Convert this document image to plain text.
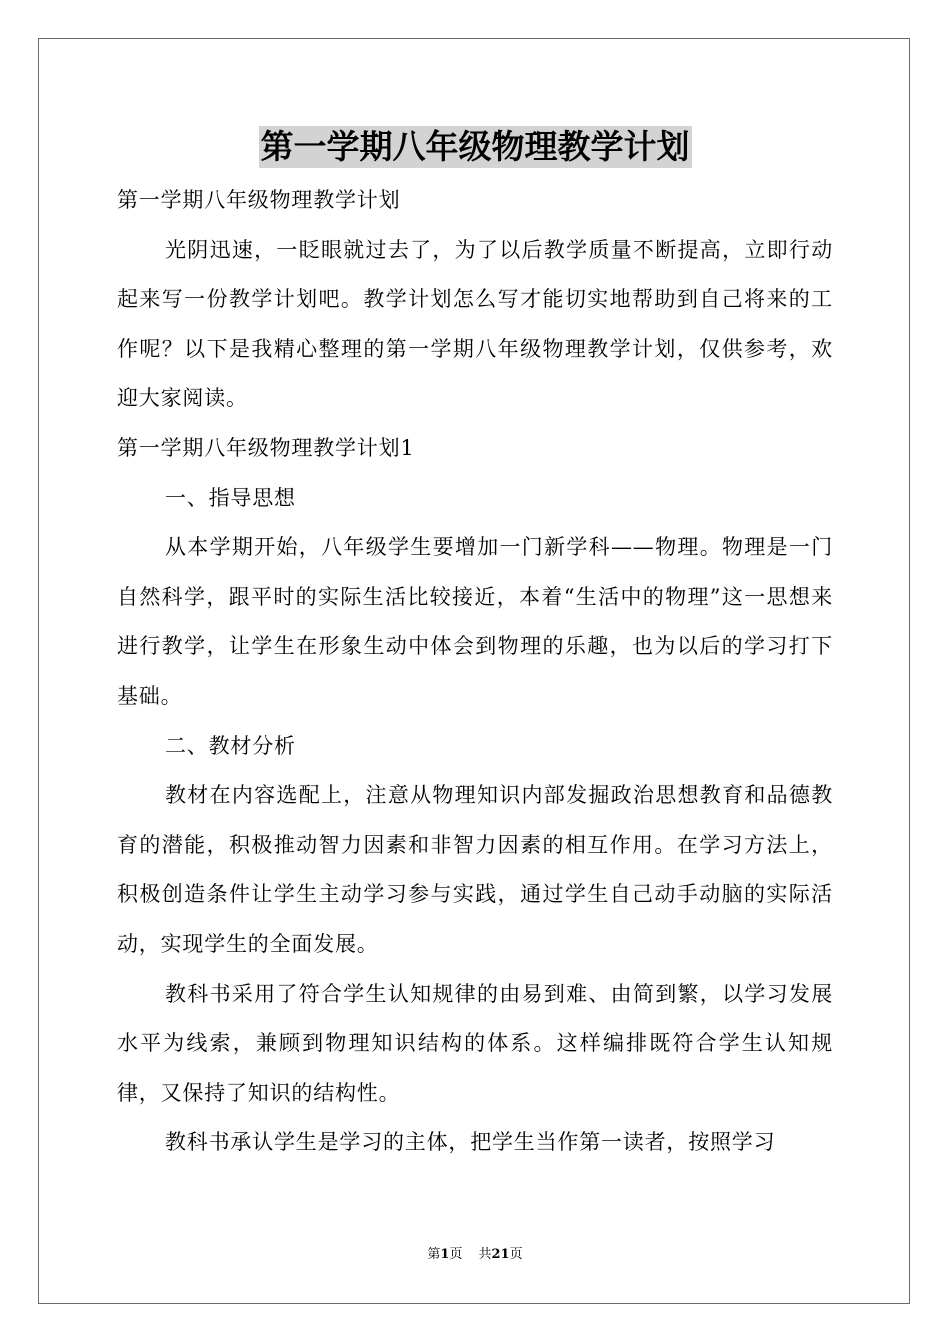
第一学期八年级物理教学计划

第一学期八年级物理教学计划

光阴迅速，一眨眼就过去了，为了以后教学质量不断提高，立即行动起来写一份教学计划吧。教学计划怎么写才能切实地帮助到自己将来的工作呢？以下是我精心整理的第一学期八年级物理教学计划，仅供参考，欢迎大家阅读。

第一学期八年级物理教学计划1

一、指导思想

从本学期开始，八年级学生要增加一门新学科——物理。物理是一门自然科学，跟平时的实际生活比较接近，本着“生活中的物理”这一思想来进行教学，让学生在形象生动中体会到物理的乐趣，也为以后的学习打下基础。

二、教材分析

教材在内容选配上，注意从物理知识内部发掘政治思想教育和品德教育的潜能，积极推动智力因素和非智力因素的相互作用。在学习方法上，积极创造条件让学生主动学习参与实践，通过学生自己动手动脑的实际活动，实现学生的全面发展。

教科书采用了符合学生认知规律的由易到难、由简到繁，以学习发展水平为线索，兼顾到物理知识结构的体系。这样编排既符合学生认知规律，又保持了知识的结构性。

教科书承认学生是学习的主体，把学生当作第一读者，按照学习

第1页 共21页
